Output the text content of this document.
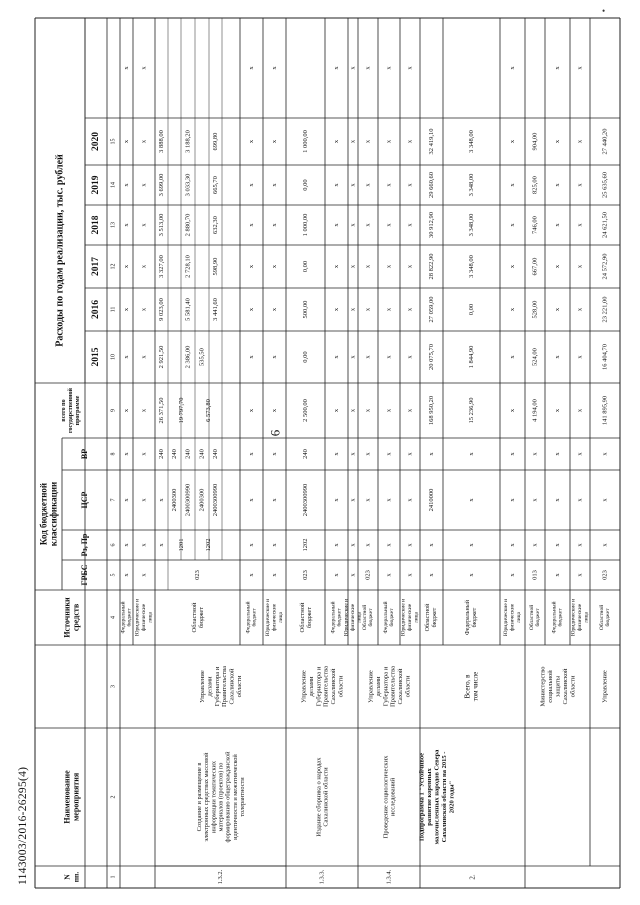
Nпп.
Наименованиемероприятия
Источникисредств
Код бюджетнойклассификации
ГРБС
Рз, Пр
ЦСР
ВР
всего погосударственнойпрограмме
Расходы по годам реализации, тыс. рублей
2015
2016
2017
2018
2019
2020
1
2
3
4
5
6
7
8
9
10
11
12
13
14
15
Федеральныйбюджет Юридические ифизическиелица
х
х
х
х
х
х
х
х
х
х
х
х
х
х
х
х
х
х
х
х
х
х
х
х
1.3.2.
Создание и размещение вэлектронных средствах массовойинформации тематическихматериалов (проектов) поформированию общегражданскойидентичности и межэтническойтолерантности
УправлениеделамиГубернатора иПравительстваСахалинскойобласти
Областнойбюджет
023
х
х
240
26 371,50
2 921,50
9 023,00
3 327,00
3 513,00
3 699,00
3 888,00
1201
2400300
240
2400300990
240
19 797,70
2 386,00
5 581,40
2 728,10
2 880,70
3 033,30
3 188,20
1202
2400300
240
6 573,80
535,50
2400300990
240
3 441,60
598,90
632,30
665,70
699,80
Федеральныйбюджет Юридические ифизическиелица
х
х
х
х
х
х
х
х
х
х
х
х
х
х
х
х
х
х
х
х
х
х
х
х
1.3.3.
Издание сборника о народахСахалинской области
УправлениеделамиГубернатора иПравительстваСахалинскойобласти
Областнойбюджет
023
1202
2400300990
240
2 500,00
0,00
500,00
0,00
1 000,00
0,00
1 000,00
Федеральныйбюджет Юридические ифизическиелица
х
х
х
х
х
х
х
х
х
х
х
х
х
х
х
х
х
х
х
х
х
х
х
х
1.3.4.
Проведение социологическихисследований
УправлениеделамиГубернатора иПравительстваСахалинскойобласти
Областнойбюджет
023
Федеральныйбюджет Юридические ифизическиелица
х
х
х
х
х
х
х
х
х
х
х
х
х
х
х
х
х
х
х
х
х
х
х
х
х
х
х
х
х
х
х
х
х
х
х
2.
Подпрограмма 1 "Устойчивоеразвитие коренныхмалочисленных народов СевераСахалинской области на 2015 -2020 годы"
Всего, втом числе
Областнойбюджет	Федеральныйбюджет	Юридические ифизическиелица
х
х
2410000
х
168 950,20
20 075,70
27 059,00
28 822,90
30 912,90
29 660,60
32 419,10
х
х
х
х
15 236,90
1 844,90
0,00
3 348,00
3 348,00
3 348,00
3 348,00
х
х
х
х
х
х
х
х
х
х
х
х
МинистерствосоциальнойзащитыСахалинскойобласти
Областнойбюджет Федеральныйбюджет Юридические ифизическиелица
013
х
х
х
4 194,00
524,00
528,00
667,00
746,00
825,00
904,00
х
х
х
х
х
х
х
х
х
х
х
х
х
х
х
х
х
х
х
х
х
х
х
х
Управление
Областнойбюджет
023
х
х
х
141 895,90
16 404,70
23 221,00
24 572,90
24 621,50
25 635,60
27 440,20
6
1143003/2016-26295(4)
•
